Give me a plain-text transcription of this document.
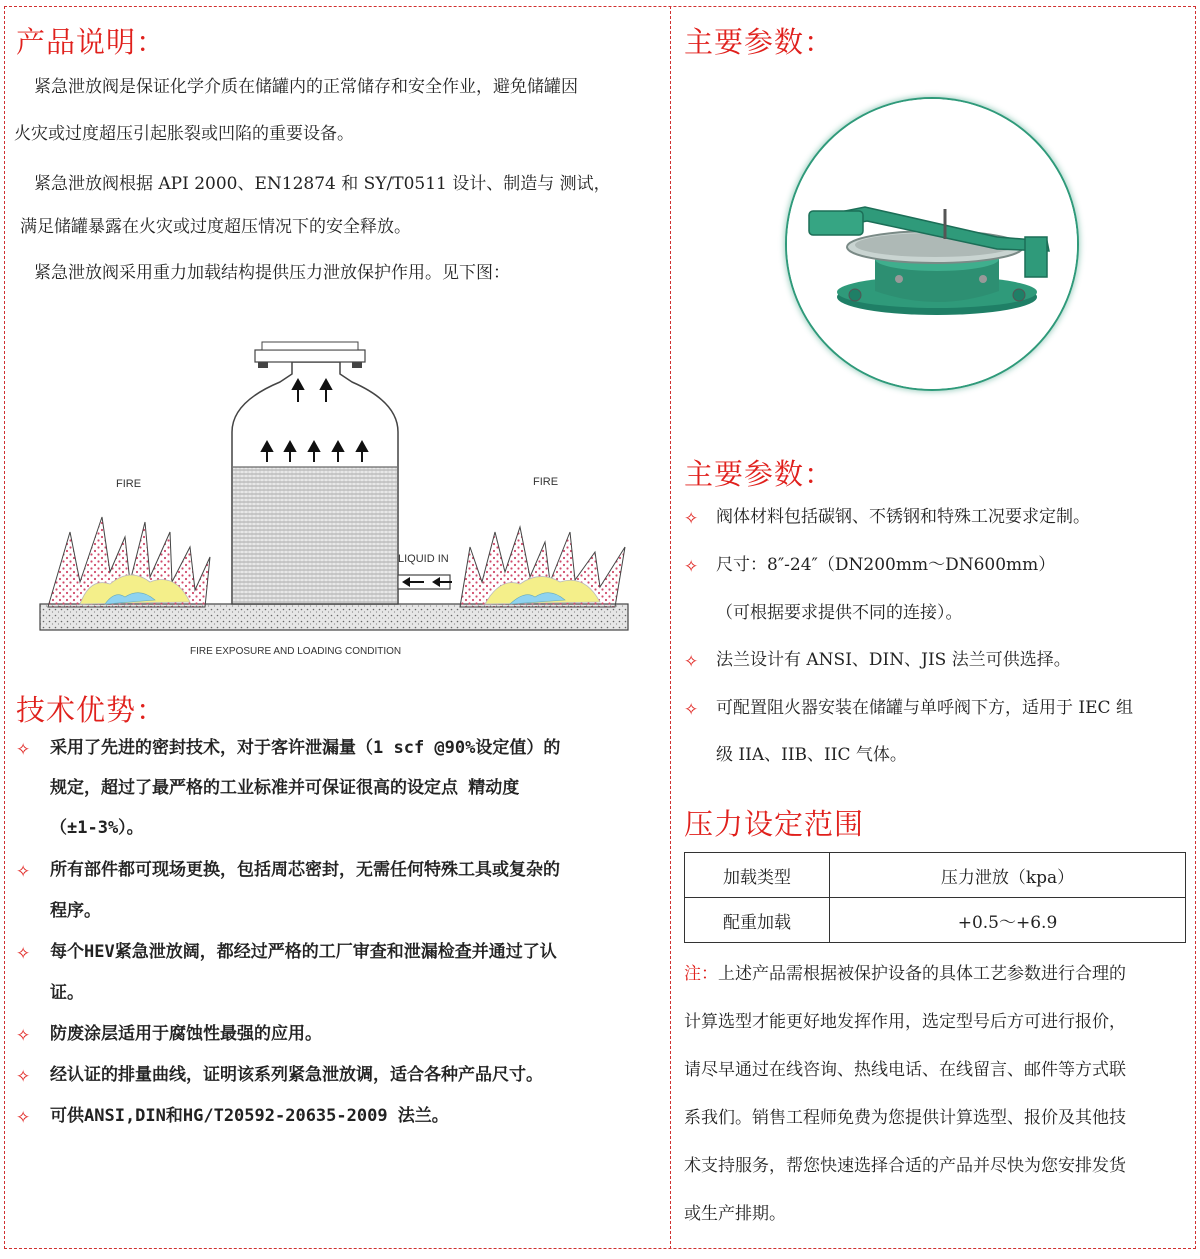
产品说明：
紧急泄放阀是保证化学介质在储罐内的正常储存和安全作业，避免储罐因
火灾或过度超压引起胀裂或凹陷的重要设备。
紧急泄放阀根据 API 2000、EN12874 和 SY/T0511 设计、制造与 测试，
满足储罐暴露在火灾或过度超压情况下的安全释放。
紧急泄放阀采用重力加载结构提供压力泄放保护作用。见下图：
FIRE	FIRE
LIQUID IN
FIRE EXPOSURE AND LOADING CONDITION
技术优势：
✧ 采用了先进的密封技术，对于客许泄漏量（1 scf @90%设定值）的
规定，超过了最严格的工业标准并可保证很高的设定点 精动度
（±1-3%）。
✧ 所有部件都可现场更换，包括周芯密封，无需任何特殊工具或复杂的
程序。
✧ 每个HEV紧急泄放阔，都经过严格的工厂审查和泄漏检查并通过了认
证。
✧ 防废涂层适用于腐蚀性最强的应用。
✧ 经认证的排量曲线，证明该系列紧急泄放调，适合各种产品尺寸。
✧ 可供ANSI,DIN和HG/T20592-20635-2009 法兰。
主要参数：
主要参数：
✧ 阀体材料包括碳钢、不锈钢和特殊工况要求定制。
✧ 尺寸：8″-24″（DN200mm～DN600mm）
（可根据要求提供不同的连接）。
✧ 法兰设计有 ANSI、DIN、JIS 法兰可供选择。
✧ 可配置阻火器安装在储罐与单呼阀下方，适用于 IEC 组
级 IIA、IIB、IIC 气体。
压力设定范围
加载类型	压力泄放（kpa）
配重加载	+0.5～+6.9
注：上述产品需根据被保护设备的具体工艺参数进行合理的
计算选型才能更好地发挥作用，选定型号后方可进行报价，
请尽早通过在线咨询、热线电话、在线留言、邮件等方式联
系我们。销售工程师免费为您提供计算选型、报价及其他技
术支持服务，帮您快速选择合适的产品并尽快为您安排发货
或生产排期。
